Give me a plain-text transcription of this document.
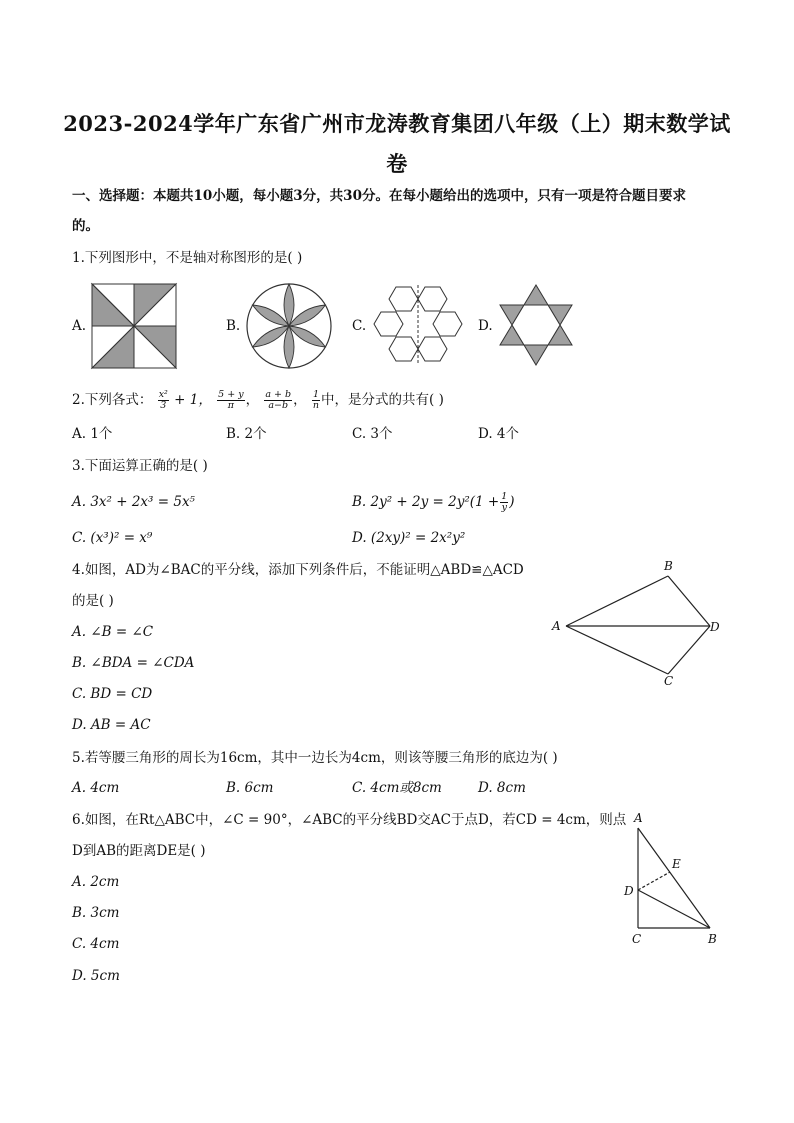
2023-2024学年广东省广州市龙涛教育集团八年级（上）期末数学试
卷
一、选择题：本题共10小题，每小题3分，共30分。在每小题给出的选项中，只有一项是符合题目要求
的。
1.下列图形中，不是轴对称图形的是( )
A.	B.	C.	D.
2.下列各式： $\frac{\text{x²}}{3} + 1$， $\frac{5 + y}{\pi}$ ， $\frac{a + b}{a-b}$ ， $\frac{1}{n}$ 中，是分式的共有( )
A. 1个	B. 2个	C. 3个	D. 4个
3.下面运算正确的是( )
A. 3x² + 2x³ = 5x⁵	B. $2y^2 + 2y = 2y^2(1 + \frac{1}{y}$ )
C. (x³)² = x⁹	D. (2xy)² = 2x²y²
4.如图，AD为∠BAC的平分线，添加下列条件后，不能证明△ABD≌△ACD
的是( )
A. ∠B = ∠C
B. ∠BDA = ∠CDA
C. BD = CD
D. AB = AC
A
B
D
C
5.若等腰三角形的周长为16cm，其中一边长为4cm，则该等腰三角形的底边为( )
A. 4cm	B. 6cm	C. 4cm或8cm	D. 8cm
6.如图，在Rt△ABC中，∠C = 90°，∠ABC的平分线BD交AC于点D，若CD = 4cm，则点
D到AB的距离DE是( )
A. 2cm
B. 3cm
C. 4cm
D. 5cm
A
E
D
C	B
